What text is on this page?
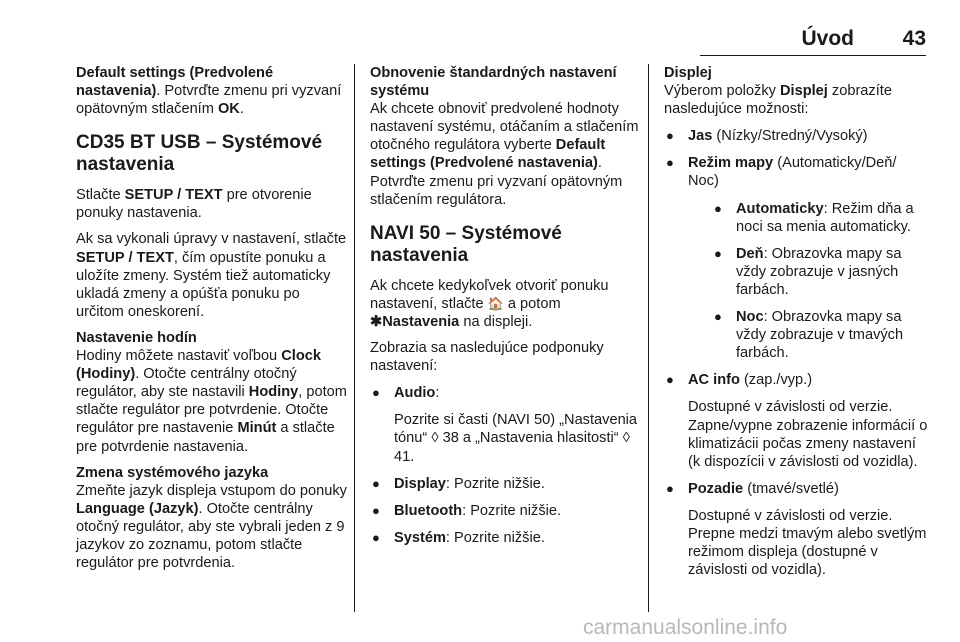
Úvod 43

Default settings (Predvolené nastavenia). Potvrďte zmenu pri vyzvaní opätovným stlačením OK.

CD35 BT USB – Systémové nastavenia

Stlačte SETUP / TEXT pre otvorenie ponuky nastavenia.

Ak sa vykonali úpravy v nastavení, stlačte SETUP / TEXT, čím opustíte ponuku a uložíte zmeny. Systém tiež automaticky ukladá zmeny a opúšťa ponuku po určitom oneskorení.

Nastavenie hodín

Hodiny môžete nastaviť voľbou Clock (Hodiny). Otočte centrálny otočný regulátor, aby ste nastavili Hodiny, potom stlačte regulátor pre potvrdenie. Otočte regulátor pre nastavenie Minút a stlačte pre potvrdenie nastavenia.

Zmena systémového jazyka

Zmeňte jazyk displeja vstupom do ponuky Language (Jazyk). Otočte centrálny otočný regulátor, aby ste vybrali jeden z 9 jazykov zo zoznamu, potom stlačte regulátor pre potvrdenia.

Obnovenie štandardných nastavení systému

Ak chcete obnoviť predvolené hodnoty nastavení systému, otáčaním a stlačením otočného regulátora vyberte Default settings (Predvolené nastavenia). Potvrďte zmenu pri vyzvaní opätovným stlačením regulátora.

NAVI 50 – Systémové nastavenia

Ak chcete kedykoľvek otvoriť ponuku nastavení, stlačte 🏠 a potom
✱Nastavenia na displeji.

Zobrazia sa nasledujúce podponuky nastavení:

● Audio:

Pozrite si časti (NAVI 50) „Nastavenia tónu“ ◊ 38 a „Nastavenia hlasitosti“ ◊ 41.

● Display: Pozrite nižšie.
● Bluetooth: Pozrite nižšie.
● Systém: Pozrite nižšie.
Displej

Výberom položky Displej zobrazíte nasledujúce možnosti:

● Jas (Nízky/Stredný/Vysoký)
● Režim mapy (Automaticky/Deň/ Noc)
● Automaticky: Režim dňa a noci sa menia automaticky.
● Deň: Obrazovka mapy sa vždy zobrazuje v jasných farbách.
● Noc: Obrazovka mapy sa vždy zobrazuje v tmavých farbách.
● AC info (zap./vyp.)

Dostupné v závislosti od verzie. Zapne/vypne zobrazenie informácií o klimatizácii počas zmeny nastavení (k dispozícii v závislosti od vozidla).

● Pozadie (tmavé/svetlé)

Dostupné v závislosti od verzie. Prepne medzi tmavým alebo svetlým režimom displeja (dostupné v závislosti od vozidla).

carmanualsonline.info
